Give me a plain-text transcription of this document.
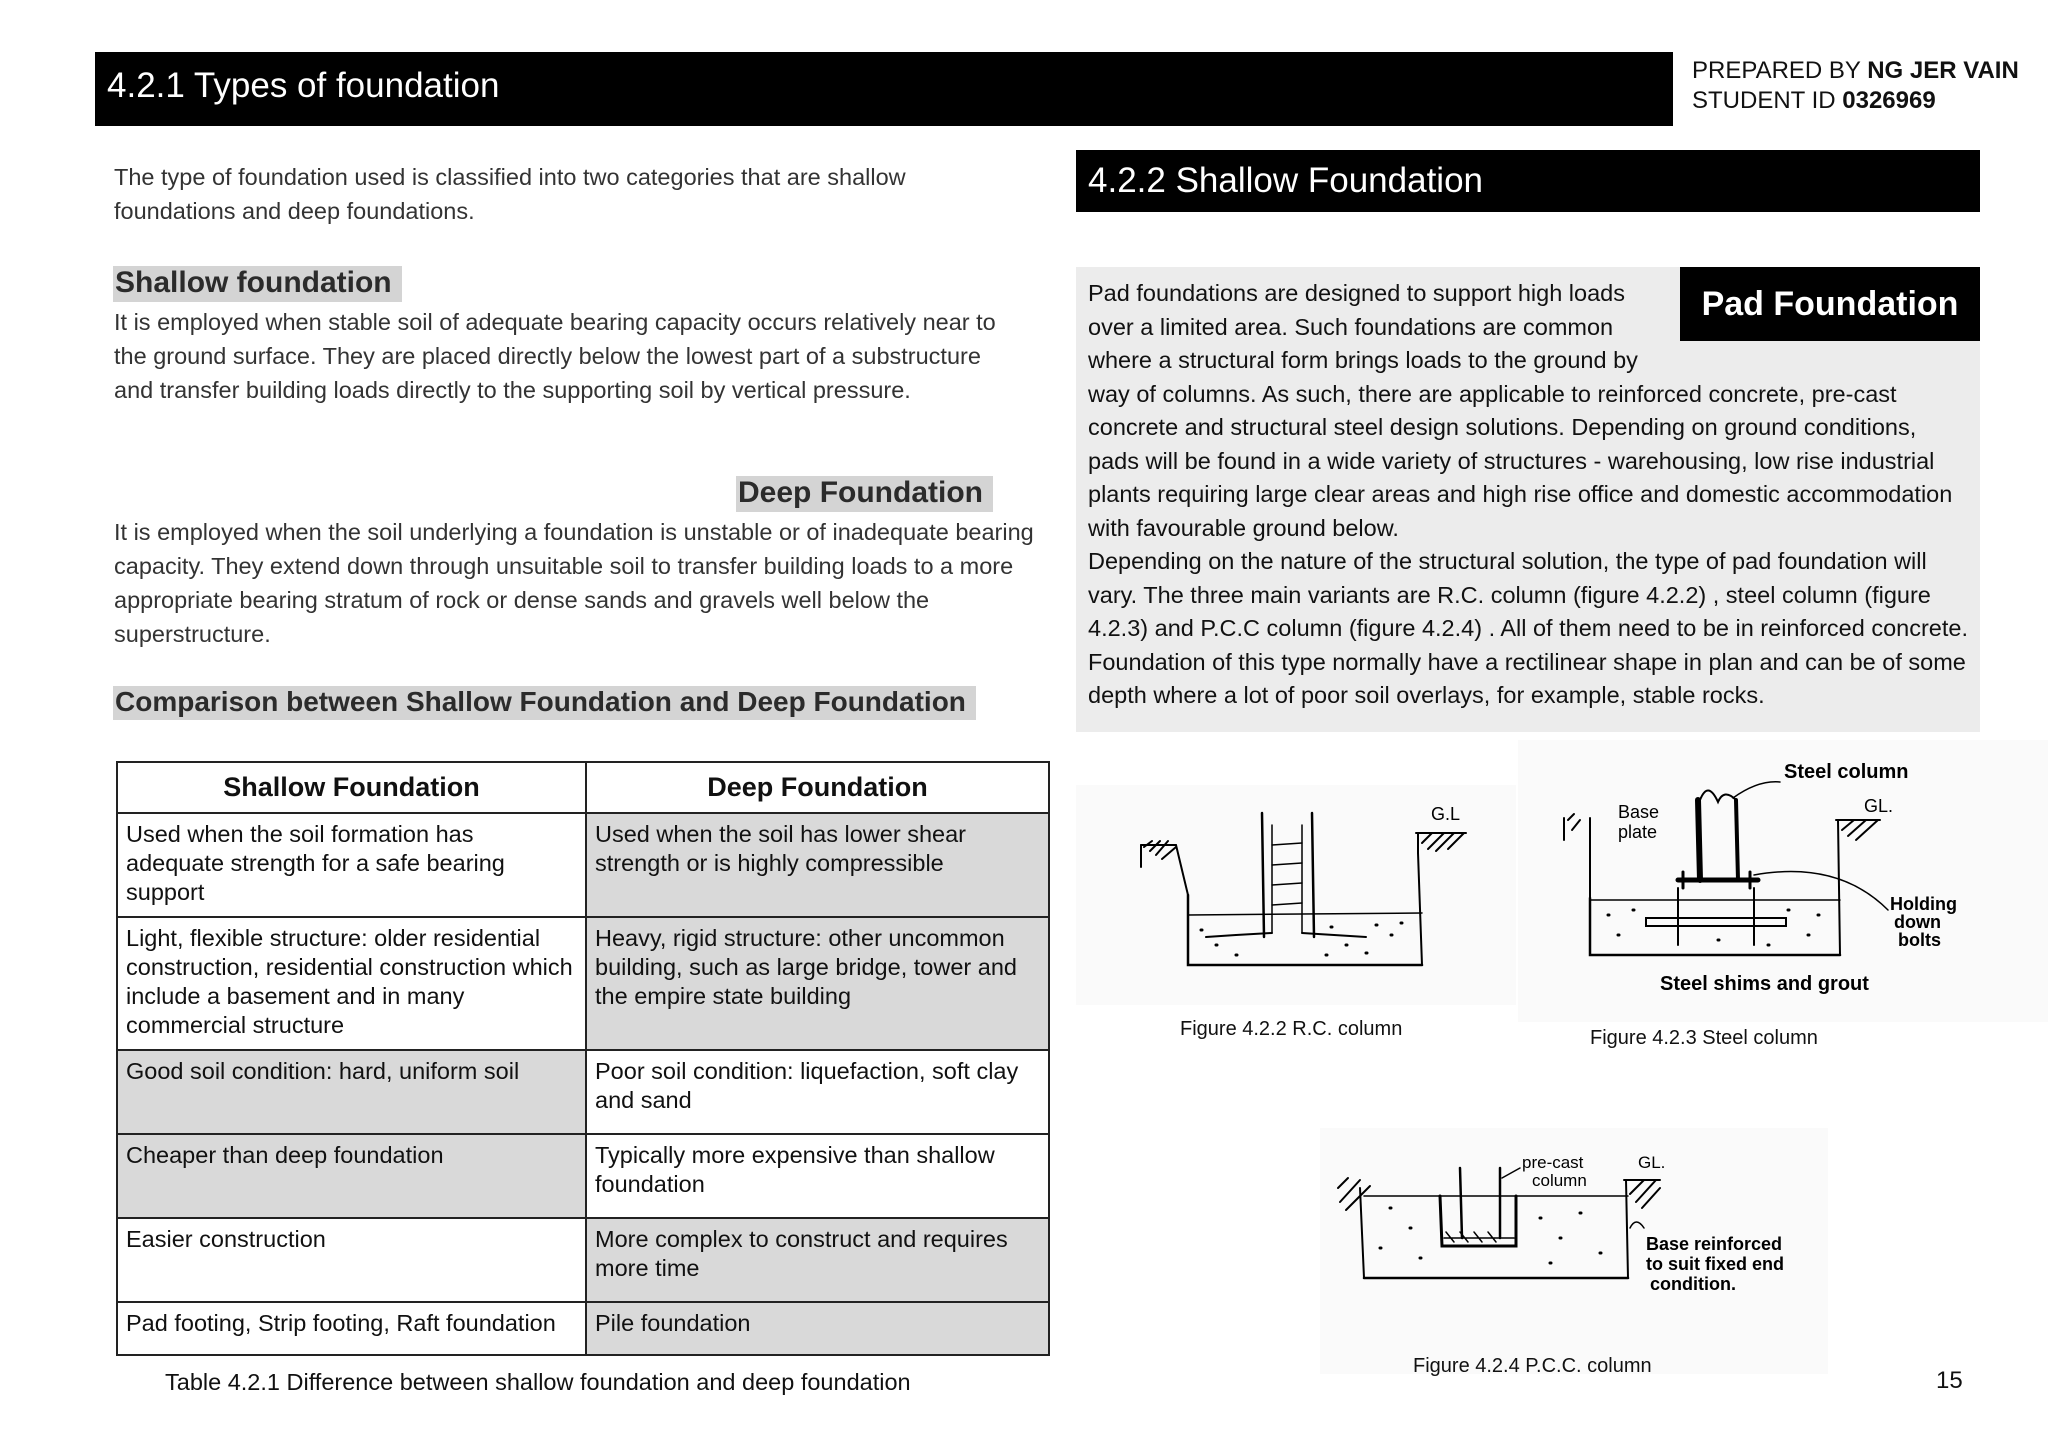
4.2.1 Types of foundation	PREPARED BY NG JER VAIN
STUDENT ID 0326969
The type of foundation used is classified into two categories that are shallow foundations and deep foundations.
Shallow foundation
It is employed when stable soil of adequate bearing capacity occurs relatively near to the ground surface. They are placed directly below the lowest part of a substructure and transfer building loads directly to the supporting soil by vertical pressure.
Deep Foundation
It is employed when the soil underlying a foundation is unstable or of inadequate bearing capacity. They extend down through unsuitable soil to transfer building loads to a more appropriate bearing stratum of rock or dense sands and gravels well below the superstructure.
Comparison between Shallow Foundation and Deep Foundation
Shallow Foundation	Deep Foundation
Used when the soil formation has adequate strength for a safe bearing support	Used when the soil has lower shear strength or is highly compressible
Light, flexible structure: older residential construction, residential construction which include a basement and in many commercial structure	Heavy, rigid structure: other uncommon building, such as large bridge, tower and the empire state building
Good soil condition: hard, uniform soil	Poor soil condition: liquefaction, soft clay and sand
Cheaper than deep foundation	Typically more expensive than shallow foundation
Easier construction	More complex to construct and requires more time
Pad footing, Strip footing, Raft foundation	Pile foundation
Table 4.2.1 Difference between shallow foundation and deep foundation
4.2.2 Shallow Foundation
Pad Foundation
Pad foundations are designed to support high loads over a limited area. Such foundations are common where a structural form brings loads to the ground by way of columns. As such, there are applicable to reinforced concrete, pre-cast concrete and structural steel design solutions. Depending on ground conditions, pads will be found in a wide variety of structures - warehousing, low rise industrial plants requiring large clear areas and high rise office and domestic accommodation with favourable ground below.
Depending on the nature of the structural solution, the type of pad foundation will vary. The three main variants are R.C. column (figure 4.2.2) , steel column (figure 4.2.3) and P.C.C column (figure 4.2.4) . All of them need to be in reinforced concrete. Foundation of this type normally have a rectilinear shape in plan and can be of some depth where a lot of poor soil overlays, for example, stable rocks.
G.L
Figure 4.2.2 R.C. column
Steel column
GL.
Base
plate
Holding
down
bolts
Steel shims and grout
Figure 4.2.3 Steel column
pre-cast
column
GL.
Base reinforced
to suit fixed end
condition.
Figure 4.2.4 P.C.C. column
15
